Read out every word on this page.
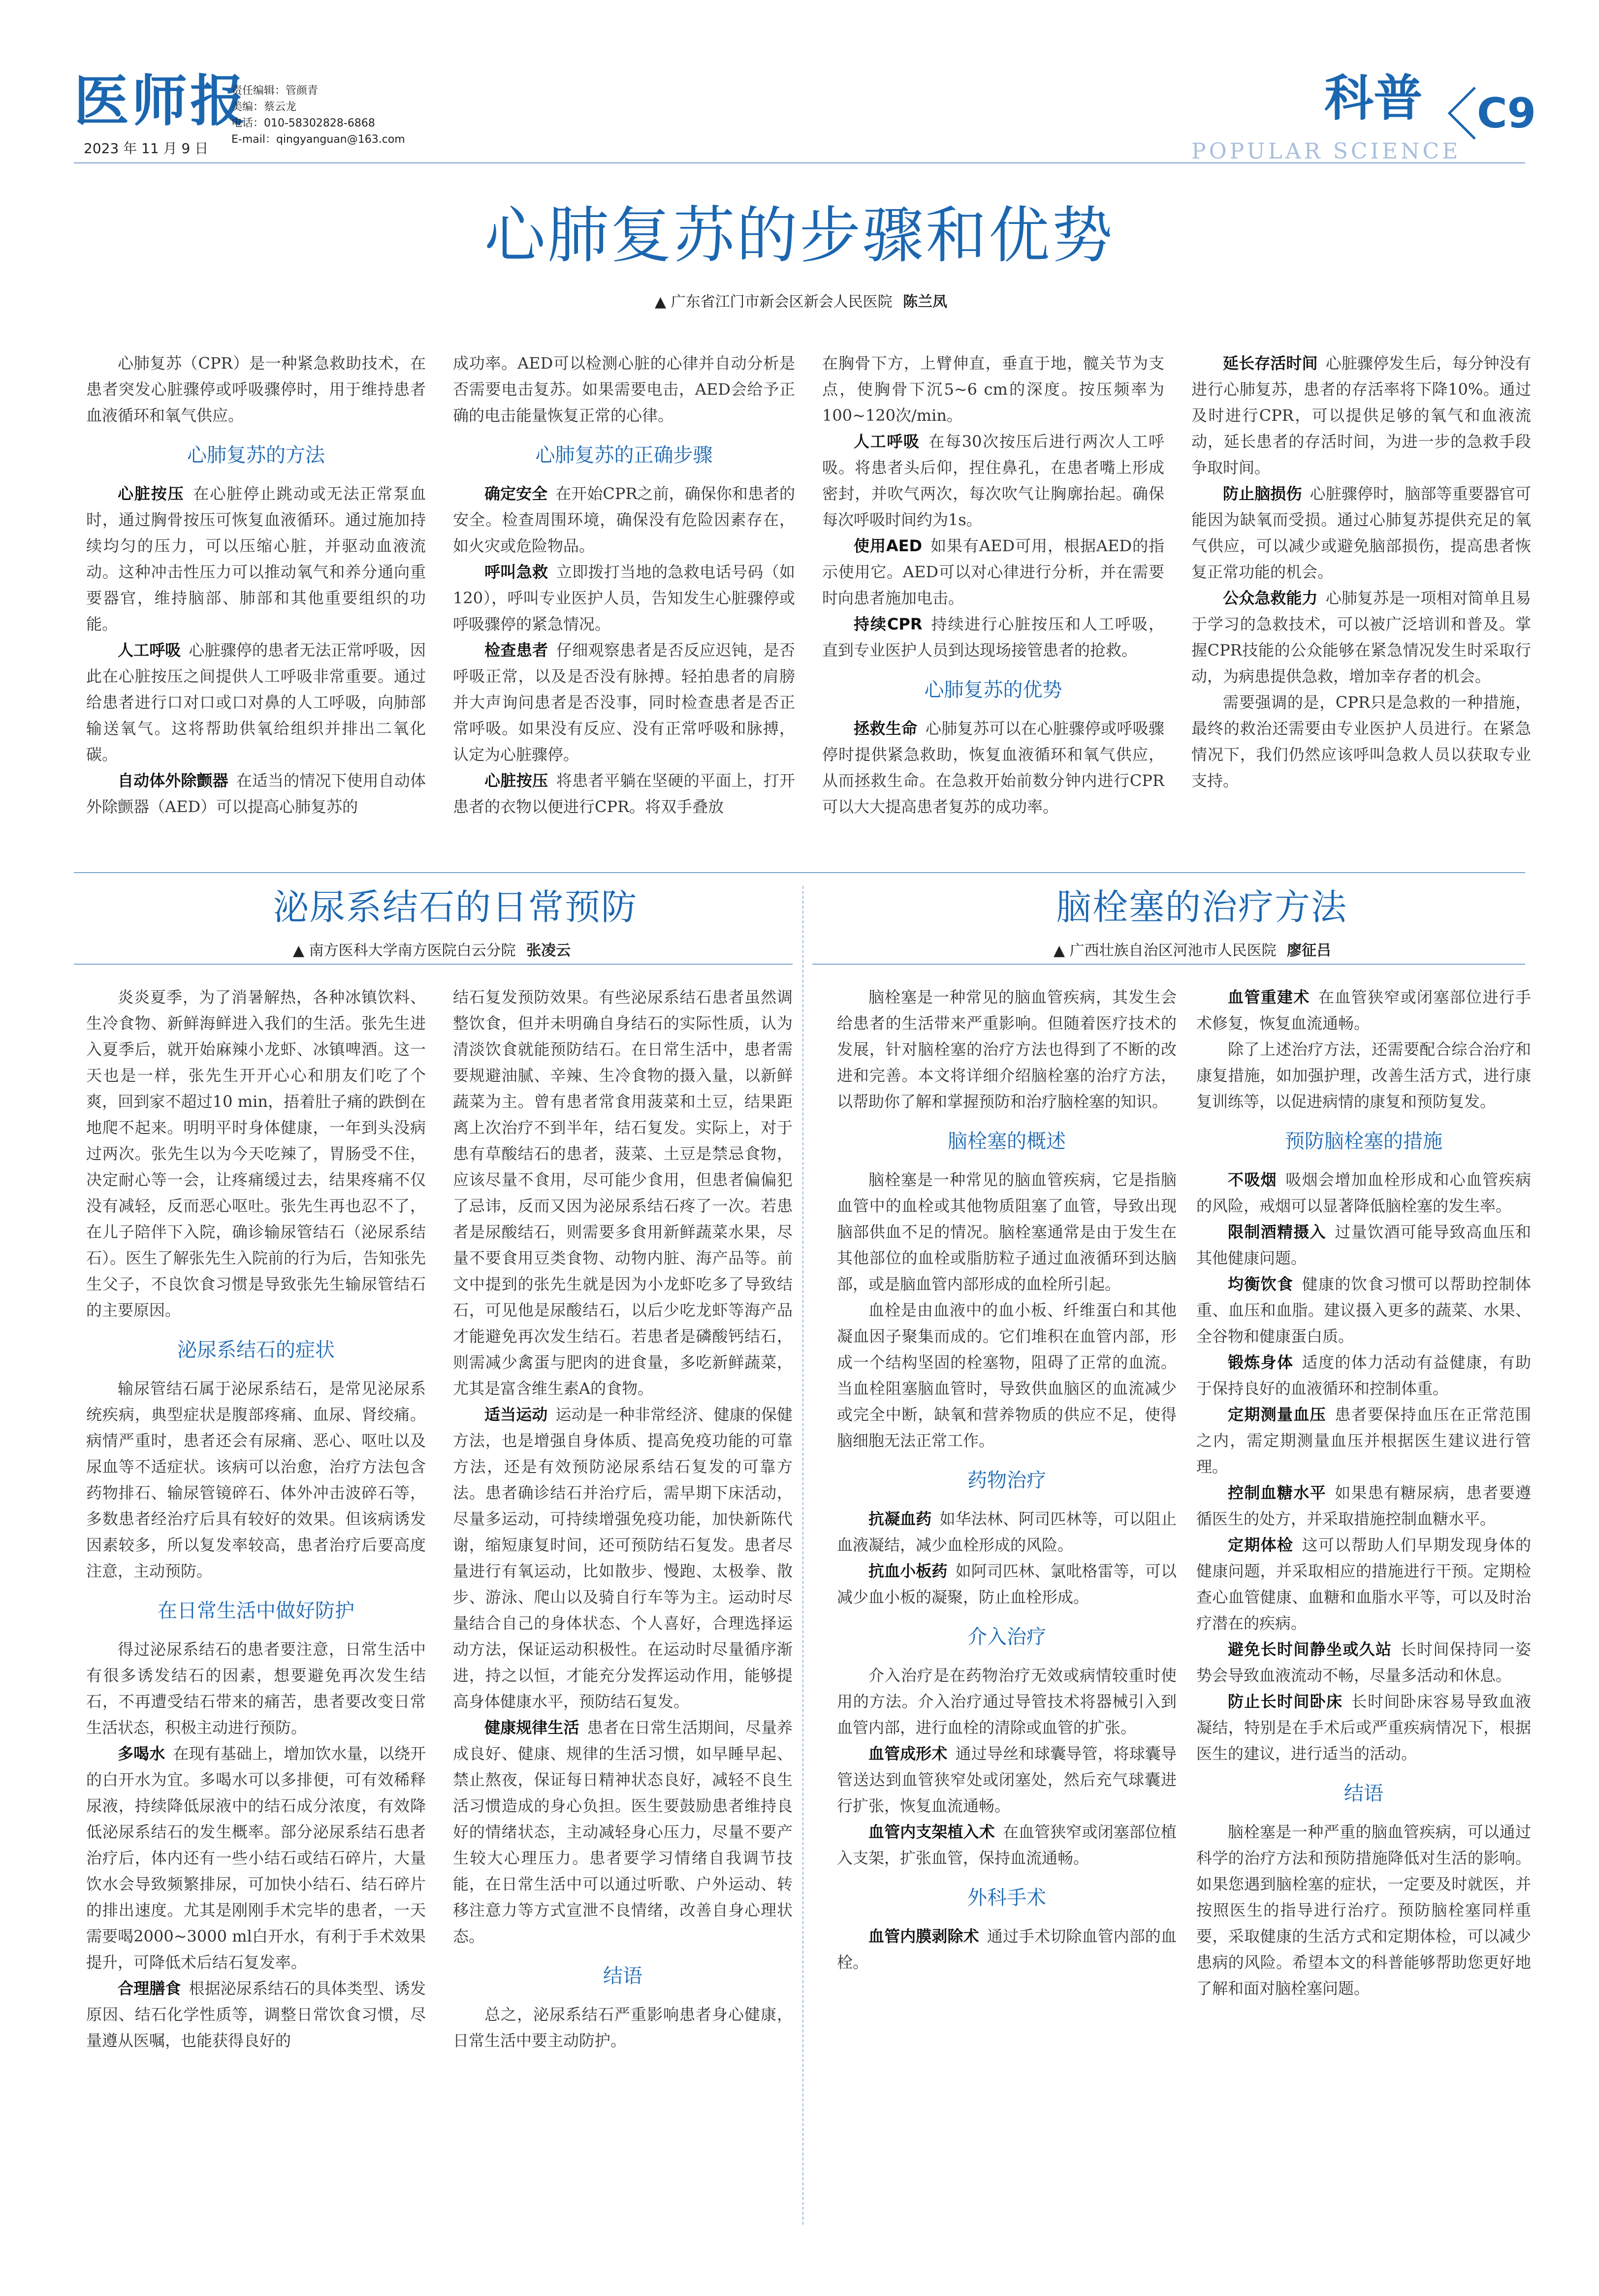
医师报
2023 年 11 月 9 日
责任编辑：管颜青
美编：蔡云龙
电话：010-58302828-6868
E-mail：qingyanguan@163.com
科普 C9
POPULAR SCIENCE
心肺复苏的步骤和优势
▲ 广东省江门市新会区新会人民医院 陈兰凤

心肺复苏（CPR）是一种紧急救助技术，在患者突发心脏骤停或呼吸骤停时，用于维持患者血液循环和氧气供应。

心肺复苏的方法

心脏按压  在心脏停止跳动或无法正常泵血时，通过胸骨按压可恢复血液循环。通过施加持续均匀的压力，可以压缩心脏，并驱动血液流动。这种冲击性压力可以推动氧气和养分通向重要器官，维持脑部、肺部和其他重要组织的功能。

人工呼吸  心脏骤停的患者无法正常呼吸，因此在心脏按压之间提供人工呼吸非常重要。通过给患者进行口对口或口对鼻的人工呼吸，向肺部输送氧气。这将帮助供氧给组织并排出二氧化碳。

自动体外除颤器  在适当的情况下使用自动体外除颤器（AED）可以提高心肺复苏的

成功率。AED可以检测心脏的心律并自动分析是否需要电击复苏。如果需要电击，AED会给予正确的电击能量恢复正常的心律。

心肺复苏的正确步骤

确定安全  在开始CPR之前，确保你和患者的安全。检查周围环境，确保没有危险因素存在，如火灾或危险物品。

呼叫急救  立即拨打当地的急救电话号码（如120），呼叫专业医护人员，告知发生心脏骤停或呼吸骤停的紧急情况。

检查患者  仔细观察患者是否反应迟钝，是否呼吸正常，以及是否没有脉搏。轻拍患者的肩膀并大声询问患者是否没事，同时检查患者是否正常呼吸。如果没有反应、没有正常呼吸和脉搏，认定为心脏骤停。

心脏按压  将患者平躺在坚硬的平面上，打开患者的衣物以便进行CPR。将双手叠放

在胸骨下方，上臂伸直，垂直于地，髋关节为支点，使胸骨下沉5~6 cm的深度。按压频率为100~120次/min。

人工呼吸  在每30次按压后进行两次人工呼吸。将患者头后仰，捏住鼻孔，在患者嘴上形成密封，并吹气两次，每次吹气让胸廓抬起。确保每次呼吸时间约为1s。

使用AED  如果有AED可用，根据AED的指示使用它。AED可以对心律进行分析，并在需要时向患者施加电击。

持续CPR  持续进行心脏按压和人工呼吸，直到专业医护人员到达现场接管患者的抢救。

心肺复苏的优势

拯救生命  心肺复苏可以在心脏骤停或呼吸骤停时提供紧急救助，恢复血液循环和氧气供应，从而拯救生命。在急救开始前数分钟内进行CPR可以大大提高患者复苏的成功率。

延长存活时间  心脏骤停发生后，每分钟没有进行心肺复苏，患者的存活率将下降10%。通过及时进行CPR，可以提供足够的氧气和血液流动，延长患者的存活时间，为进一步的急救手段争取时间。

防止脑损伤  心脏骤停时，脑部等重要器官可能因为缺氧而受损。通过心肺复苏提供充足的氧气供应，可以减少或避免脑部损伤，提高患者恢复正常功能的机会。

公众急救能力  心肺复苏是一项相对简单且易于学习的急救技术，可以被广泛培训和普及。掌握CPR技能的公众能够在紧急情况发生时采取行动，为病患提供急救，增加幸存者的机会。

需要强调的是，CPR只是急救的一种措施，最终的救治还需要由专业医护人员进行。在紧急情况下，我们仍然应该呼叫急救人员以获取专业支持。

泌尿系结石的日常预防
▲ 南方医科大学南方医院白云分院 张凌云

炎炎夏季，为了消暑解热，各种冰镇饮料、生冷食物、新鲜海鲜进入我们的生活。张先生进入夏季后，就开始麻辣小龙虾、冰镇啤酒。这一天也是一样，张先生开开心心和朋友们吃了个爽，回到家不超过10 min，捂着肚子痛的跌倒在地爬不起来。明明平时身体健康，一年到头没病过两次。张先生以为今天吃辣了，胃肠受不住，决定耐心等一会，让疼痛缓过去，结果疼痛不仅没有减轻，反而恶心呕吐。张先生再也忍不了，在儿子陪伴下入院，确诊输尿管结石（泌尿系结石）。医生了解张先生入院前的行为后，告知张先生父子，不良饮食习惯是导致张先生输尿管结石的主要原因。

泌尿系结石的症状

输尿管结石属于泌尿系结石，是常见泌尿系统疾病，典型症状是腹部疼痛、血尿、肾绞痛。病情严重时，患者还会有尿痛、恶心、呕吐以及尿血等不适症状。该病可以治愈，治疗方法包含药物排石、输尿管镜碎石、体外冲击波碎石等，多数患者经治疗后具有较好的效果。但该病诱发因素较多，所以复发率较高，患者治疗后要高度注意，主动预防。

在日常生活中做好防护

得过泌尿系结石的患者要注意，日常生活中有很多诱发结石的因素，想要避免再次发生结石，不再遭受结石带来的痛苦，患者要改变日常生活状态，积极主动进行预防。

多喝水  在现有基础上，增加饮水量，以绕开的白开水为宜。多喝水可以多排便，可有效稀释尿液，持续降低尿液中的结石成分浓度，有效降低泌尿系结石的发生概率。部分泌尿系结石患者治疗后，体内还有一些小结石或结石碎片，大量饮水会导致频繁排尿，可加快小结石、结石碎片的排出速度。尤其是刚刚手术完毕的患者，一天需要喝2000~3000 ml白开水，有利于手术效果提升，可降低术后结石复发率。

合理膳食  根据泌尿系结石的具体类型、诱发原因、结石化学性质等，调整日常饮食习惯，尽量遵从医嘱，也能获得良好的

结石复发预防效果。有些泌尿系结石患者虽然调整饮食，但并未明确自身结石的实际性质，认为清淡饮食就能预防结石。在日常生活中，患者需要规避油腻、辛辣、生冷食物的摄入量，以新鲜蔬菜为主。曾有患者常食用菠菜和土豆，结果距离上次治疗不到半年，结石复发。实际上，对于患有草酸结石的患者，菠菜、土豆是禁忌食物，应该尽量不食用，尽可能少食用，但患者偏偏犯了忌讳，反而又因为泌尿系结石疼了一次。若患者是尿酸结石，则需要多食用新鲜蔬菜水果，尽量不要食用豆类食物、动物内脏、海产品等。前文中提到的张先生就是因为小龙虾吃多了导致结石，可见他是尿酸结石，以后少吃龙虾等海产品才能避免再次发生结石。若患者是磷酸钙结石，则需减少禽蛋与肥肉的进食量，多吃新鲜蔬菜，尤其是富含维生素A的食物。

适当运动  运动是一种非常经济、健康的保健方法，也是增强自身体质、提高免疫功能的可靠方法，还是有效预防泌尿系结石复发的可靠方法。患者确诊结石并治疗后，需早期下床活动，尽量多运动，可持续增强免疫功能，加快新陈代谢，缩短康复时间，还可预防结石复发。患者尽量进行有氧运动，比如散步、慢跑、太极拳、散步、游泳、爬山以及骑自行车等为主。运动时尽量结合自己的身体状态、个人喜好，合理选择运动方法，保证运动积极性。在运动时尽量循序渐进，持之以恒，才能充分发挥运动作用，能够提高身体健康水平，预防结石复发。

健康规律生活  患者在日常生活期间，尽量养成良好、健康、规律的生活习惯，如早睡早起、禁止熬夜，保证每日精神状态良好，减轻不良生活习惯造成的身心负担。医生要鼓励患者维持良好的情绪状态，主动减轻身心压力，尽量不要产生较大心理压力。患者要学习情绪自我调节技能，在日常生活中可以通过听歌、户外运动、转移注意力等方式宣泄不良情绪，改善自身心理状态。

结语

总之，泌尿系结石严重影响患者身心健康，日常生活中要主动防护。

脑栓塞的治疗方法
▲ 广西壮族自治区河池市人民医院 廖征吕

脑栓塞是一种常见的脑血管疾病，其发生会给患者的生活带来严重影响。但随着医疗技术的发展，针对脑栓塞的治疗方法也得到了不断的改进和完善。本文将详细介绍脑栓塞的治疗方法，以帮助你了解和掌握预防和治疗脑栓塞的知识。

脑栓塞的概述

脑栓塞是一种常见的脑血管疾病，它是指脑血管中的血栓或其他物质阻塞了血管，导致出现脑部供血不足的情况。脑栓塞通常是由于发生在其他部位的血栓或脂肪粒子通过血液循环到达脑部，或是脑血管内部形成的血栓所引起。

血栓是由血液中的血小板、纤维蛋白和其他凝血因子聚集而成的。它们堆积在血管内部，形成一个结构坚固的栓塞物，阻碍了正常的血流。当血栓阻塞脑血管时，导致供血脑区的血流减少或完全中断，缺氧和营养物质的供应不足，使得脑细胞无法正常工作。

药物治疗

抗凝血药  如华法林、阿司匹林等，可以阻止血液凝结，减少血栓形成的风险。

抗血小板药  如阿司匹林、氯吡格雷等，可以减少血小板的凝聚，防止血栓形成。

介入治疗

介入治疗是在药物治疗无效或病情较重时使用的方法。介入治疗通过导管技术将器械引入到血管内部，进行血栓的清除或血管的扩张。

血管成形术  通过导丝和球囊导管，将球囊导管送达到血管狭窄处或闭塞处，然后充气球囊进行扩张，恢复血流通畅。

血管内支架植入术  在血管狭窄或闭塞部位植入支架，扩张血管，保持血流通畅。

外科手术

血管内膜剥除术  通过手术切除血管内部的血栓。

血管重建术  在血管狭窄或闭塞部位进行手术修复，恢复血流通畅。

除了上述治疗方法，还需要配合综合治疗和康复措施，如加强护理，改善生活方式，进行康复训练等，以促进病情的康复和预防复发。

预防脑栓塞的措施

不吸烟  吸烟会增加血栓形成和心血管疾病的风险，戒烟可以显著降低脑栓塞的发生率。

限制酒精摄入  过量饮酒可能导致高血压和其他健康问题。

均衡饮食  健康的饮食习惯可以帮助控制体重、血压和血脂。建议摄入更多的蔬菜、水果、全谷物和健康蛋白质。

锻炼身体  适度的体力活动有益健康，有助于保持良好的血液循环和控制体重。

定期测量血压  患者要保持血压在正常范围之内，需定期测量血压并根据医生建议进行管理。

控制血糖水平  如果患有糖尿病，患者要遵循医生的处方，并采取措施控制血糖水平。

定期体检  这可以帮助人们早期发现身体的健康问题，并采取相应的措施进行干预。定期检查心血管健康、血糖和血脂水平等，可以及时治疗潜在的疾病。

避免长时间静坐或久站  长时间保持同一姿势会导致血液流动不畅，尽量多活动和休息。

防止长时间卧床  长时间卧床容易导致血液凝结，特别是在手术后或严重疾病情况下，根据医生的建议，进行适当的活动。

结语

脑栓塞是一种严重的脑血管疾病，可以通过科学的治疗方法和预防措施降低对生活的影响。如果您遇到脑栓塞的症状，一定要及时就医，并按照医生的指导进行治疗。预防脑栓塞同样重要，采取健康的生活方式和定期体检，可以减少患病的风险。希望本文的科普能够帮助您更好地了解和面对脑栓塞问题。
